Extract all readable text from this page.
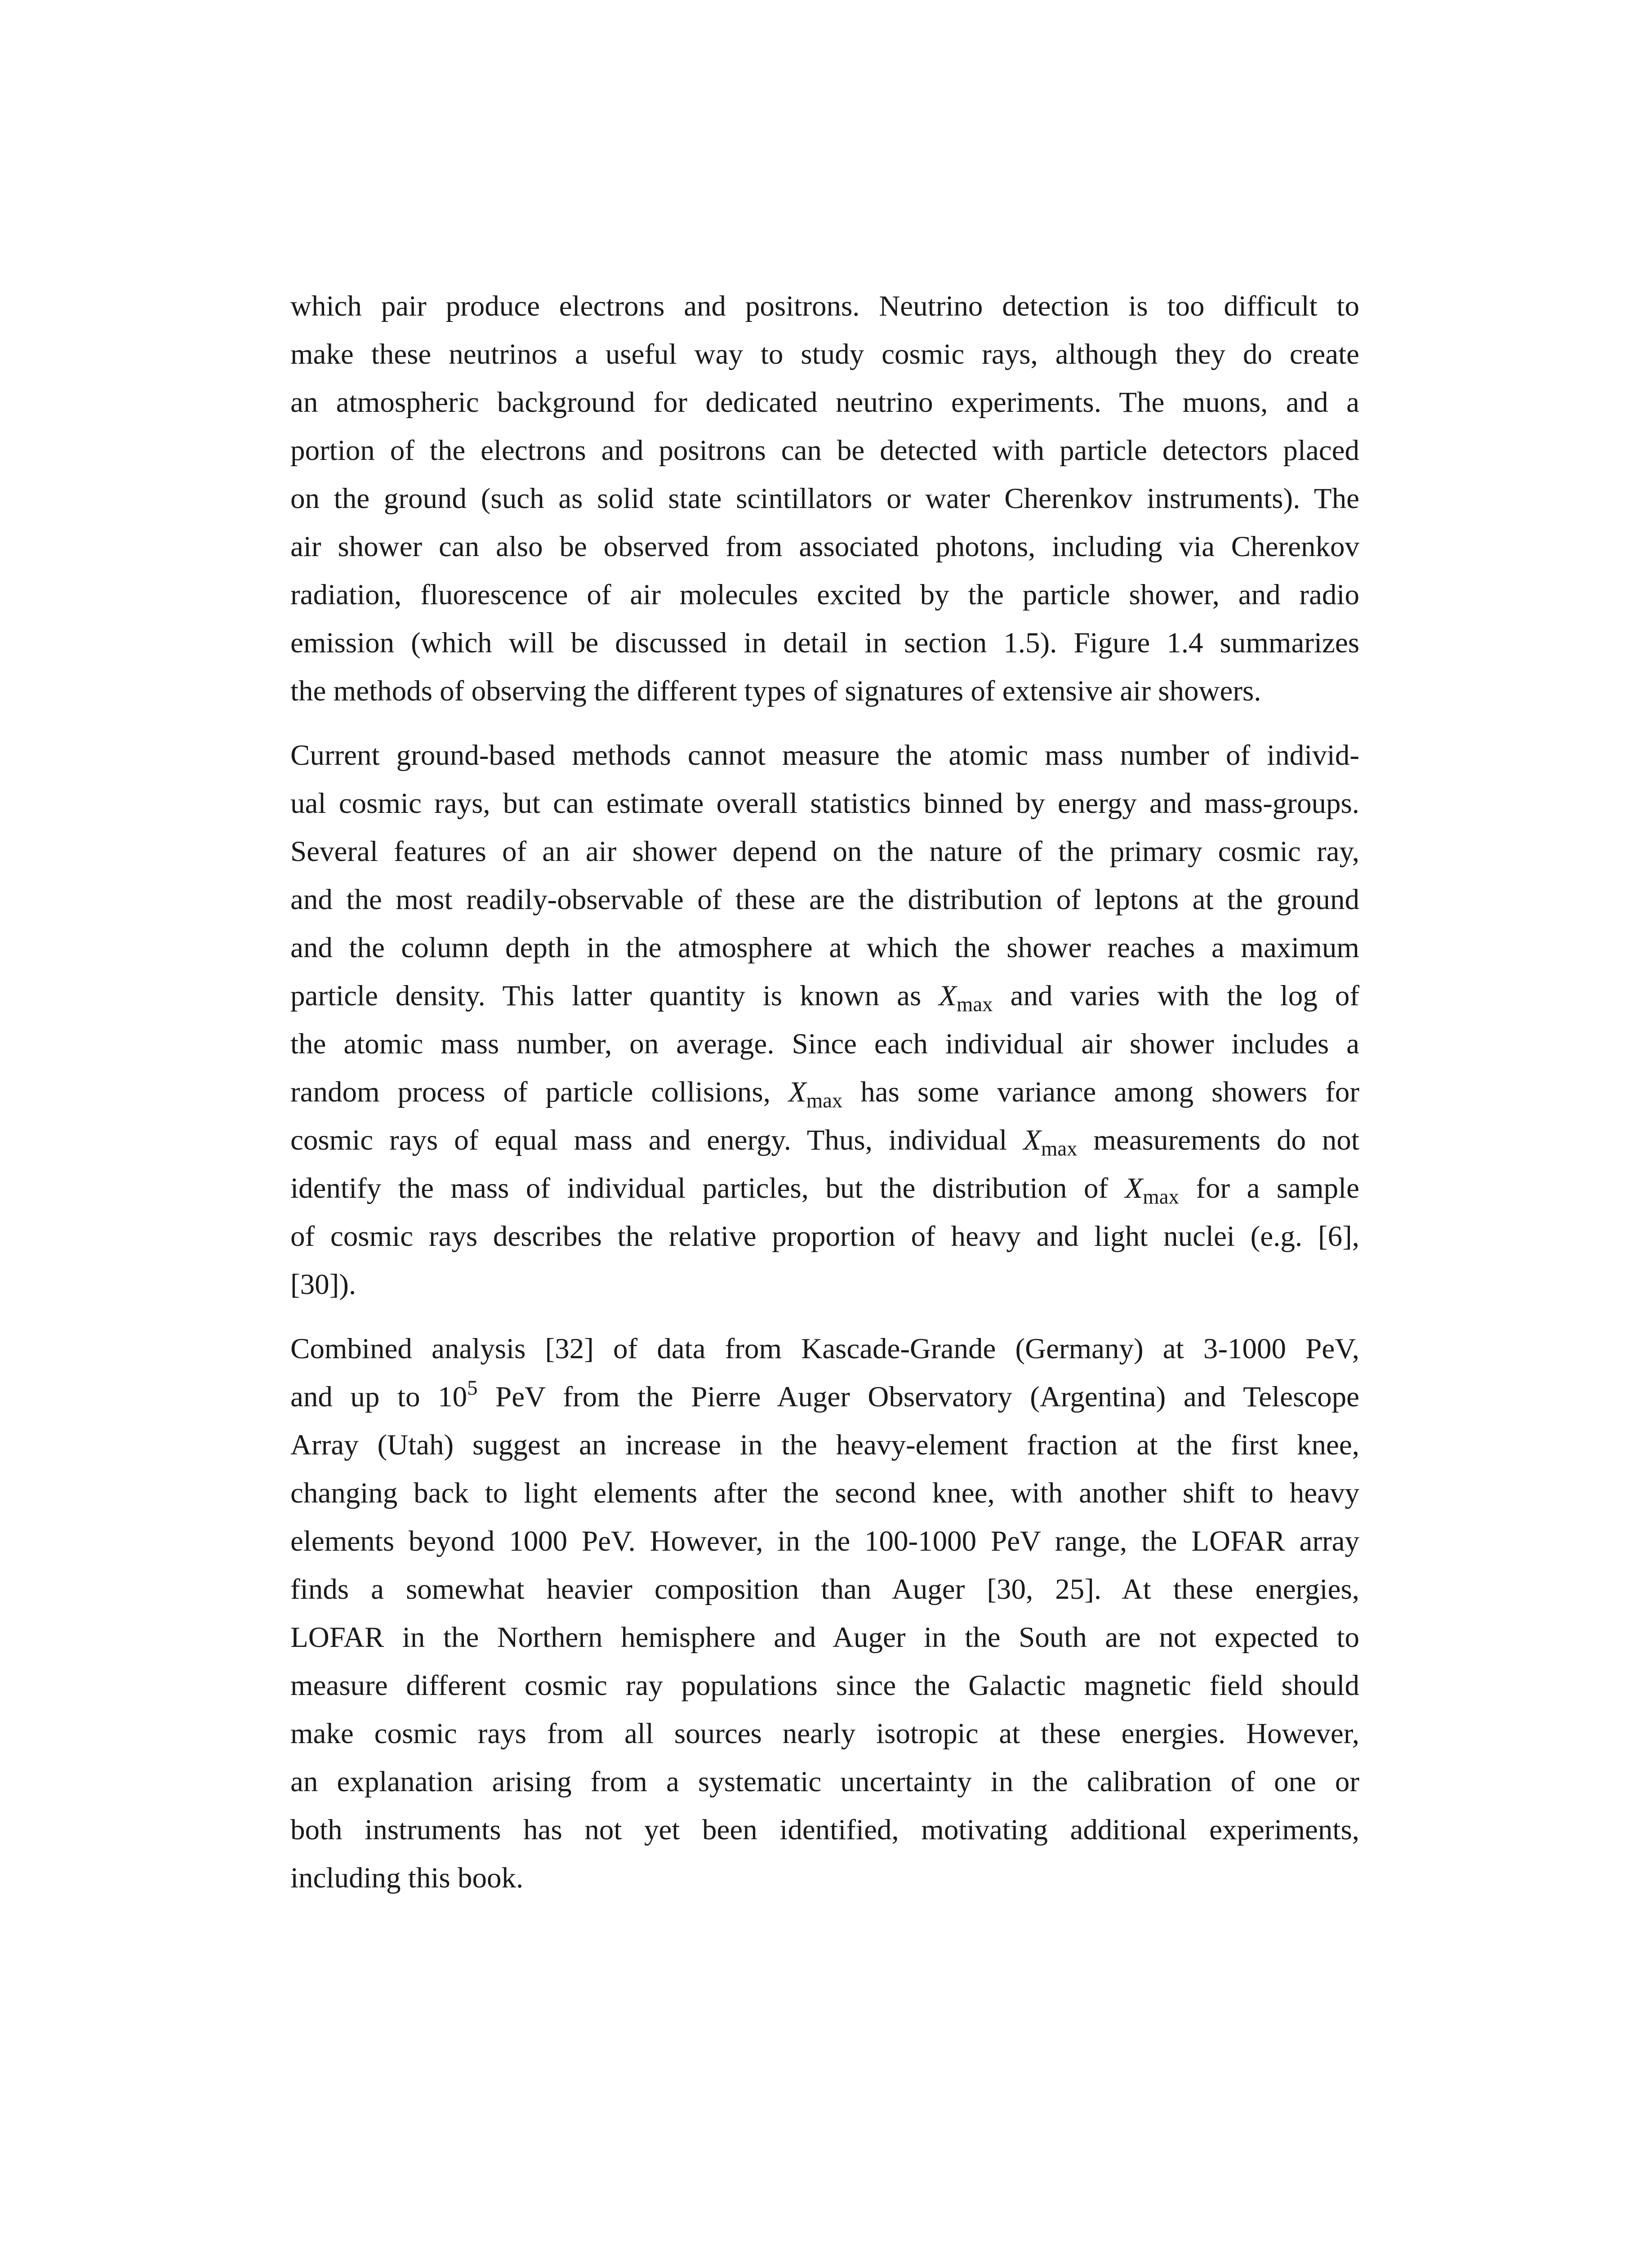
which pair produce electrons and positrons. Neutrino detection is too difficult to
make these neutrinos a useful way to study cosmic rays, although they do create
an atmospheric background for dedicated neutrino experiments. The muons, and a
portion of the electrons and positrons can be detected with particle detectors placed
on the ground (such as solid state scintillators or water Cherenkov instruments). The
air shower can also be observed from associated photons, including via Cherenkov
radiation, fluorescence of air molecules excited by the particle shower, and radio
emission (which will be discussed in detail in section 1.5). Figure 1.4 summarizes
the methods of observing the different types of signatures of extensive air showers.

Current ground-based methods cannot measure the atomic mass number of individ-
ual cosmic rays, but can estimate overall statistics binned by energy and mass-groups.
Several features of an air shower depend on the nature of the primary cosmic ray,
and the most readily-observable of these are the distribution of leptons at the ground
and the column depth in the atmosphere at which the shower reaches a maximum
particle density. This latter quantity is known as $X_{max}$ and varies with the log of
the atomic mass number, on average. Since each individual air shower includes a
random process of particle collisions, $X_{max}$ has some variance among showers for
cosmic rays of equal mass and energy. Thus, individual $X_{max}$ measurements do not
identify the mass of individual particles, but the distribution of $X_{max}$ for a sample
of cosmic rays describes the relative proportion of heavy and light nuclei (e.g. [6],
[30]).

Combined analysis [32] of data from Kascade-Grande (Germany) at 3-1000 PeV,
and up to $10^5$ PeV from the Pierre Auger Observatory (Argentina) and Telescope
Array (Utah) suggest an increase in the heavy-element fraction at the first knee,
changing back to light elements after the second knee, with another shift to heavy
elements beyond 1000 PeV. However, in the 100-1000 PeV range, the LOFAR array
finds a somewhat heavier composition than Auger [30, 25]. At these energies,
LOFAR in the Northern hemisphere and Auger in the South are not expected to
measure different cosmic ray populations since the Galactic magnetic field should
make cosmic rays from all sources nearly isotropic at these energies. However,
an explanation arising from a systematic uncertainty in the calibration of one or
both instruments has not yet been identified, motivating additional experiments,
including this book.
